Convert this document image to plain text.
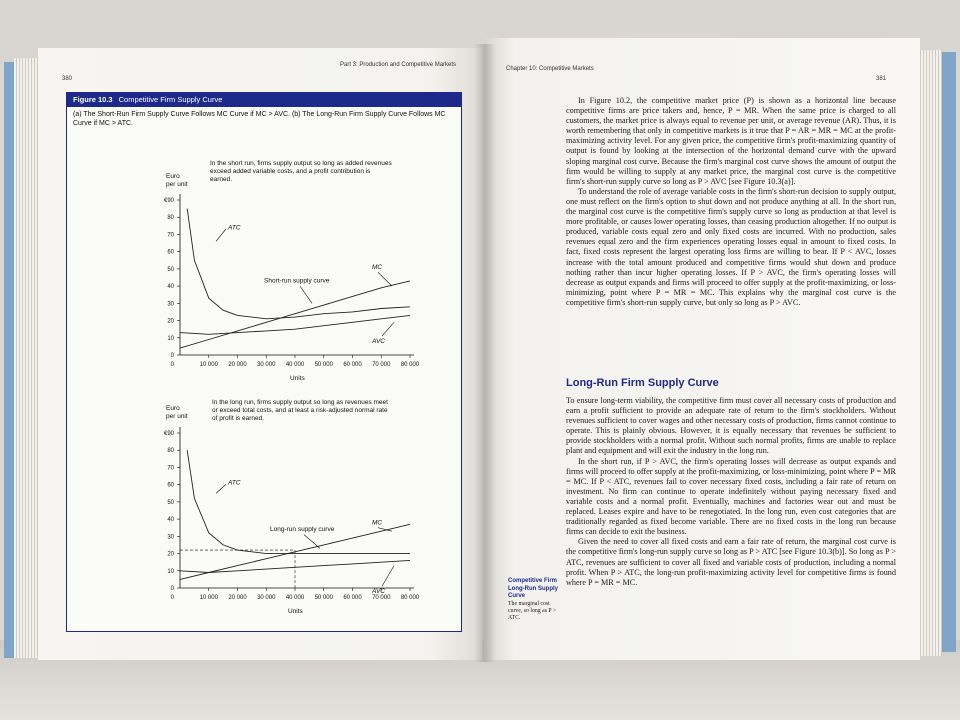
380
Part 3: Production and Competitive Markets
Chapter 10: Competitive Markets
381
Figure 10.3 Competitive Firm Supply Curve
(a) The Short-Run Firm Supply Curve Follows MC Curve if MC > AVC. (b) The Long-Run Firm Supply Curve Follows MC Curve if MC > ATC.
0
10
20
30
40
50
60
70
80
€90
10 000 20 000 30 000 40 000 50 000 60 000 70 000 80 000
0
Euro
per unit
Units
In the short run, firms supply output so long as added revenues
exceed added variable costs, and a profit contribution is
earned.
ATC
MC
AVC
Short-run supply curve
0
10
20
30
40
50
60
70
80
€90
10 000 20 000 30 000 40 000 50 000 60 000 70 000 80 000
0
Euro
per unit
Units
In the long run, firms supply output so long as revenues meet
or exceed total costs, and at least a risk-adjusted normal rate
of profit is earned.
ATC
MC
AVC
Long-run supply curve

In Figure 10.2, the competitive market price (P) is shown as a horizontal line because competitive firms are price takers and, hence, P = MR. When the same price is charged to all customers, the market price is always equal to revenue per unit, or average revenue (AR). Thus, it is worth remembering that only in competitive markets is it true that P = AR = MR = MC at the profit-maximizing activity level. For any given price, the competitive firm's profit-maximizing quantity of output is found by looking at the intersection of the horizontal demand curve with the upward sloping marginal cost curve. Because the firm's marginal cost curve shows the amount of output the firm would be willing to supply at any market price, the marginal cost curve is the competitive firm's short-run supply curve so long as P > AVC [see Figure 10.3(a)].

To understand the role of average variable costs in the firm's short-run decision to supply output, one must reflect on the firm's option to shut down and not produce anything at all. In the short run, the marginal cost curve is the competitive firm's supply curve so long as production at that level is more profitable, or causes lower operating losses, than ceasing production altogether. If no output is produced, variable costs equal zero and only fixed costs are incurred. With no production, sales revenues equal zero and the firm experiences operating losses equal in amount to fixed costs. In fact, fixed costs represent the largest operating loss firms are willing to bear. If P < AVC, losses increase with the total amount produced and competitive firms would shut down and produce nothing rather than incur higher operating losses. If P > AVC, the firm's operating losses will decrease as output expands and firms will proceed to offer supply at the profit-maximizing, or loss-minimizing, point where P = MR = MC. This explains why the marginal cost curve is the competitive firm's short-run supply curve, but only so long as P > AVC.

Long-Run Firm Supply Curve

To ensure long-term viability, the competitive firm must cover all necessary costs of production and earn a profit sufficient to provide an adequate rate of return to the firm's stockholders. Without revenues sufficient to cover wages and other necessary costs of production, firms cannot continue to operate. This is plainly obvious. However, it is equally necessary that revenues be sufficient to provide stockholders with a normal profit. Without such normal profits, firms are unable to replace plant and equipment and will exit the industry in the long run.

In the short run, if P > AVC, the firm's operating losses will decrease as output expands and firms will proceed to offer supply at the profit-maximizing, or loss-minimizing, point where P = MR = MC. If P < ATC, revenues fail to cover necessary fixed costs, including a fair rate of return on investment. No firm can continue to operate indefinitely without paying necessary fixed and variable costs and a normal profit. Eventually, machines and factories wear out and must be replaced. Leases expire and have to be renegotiated. In the long run, even cost categories that are traditionally regarded as fixed become variable. There are no fixed costs in the long run because firms can decide to exit the business.

Given the need to cover all fixed costs and earn a fair rate of return, the marginal cost curve is the competitive firm's long-run supply curve so long as P > ATC [see Figure 10.3(b)]. So long as P > ATC, revenues are sufficient to cover all fixed and variable costs of production, including a normal profit. When P > ATC, the long-run profit-maximizing activity level for competitive firms is found where P = MR = MC.

Competitive Firm Long-Run Supply Curve
The marginal cost curve, so long as P > ATC.
